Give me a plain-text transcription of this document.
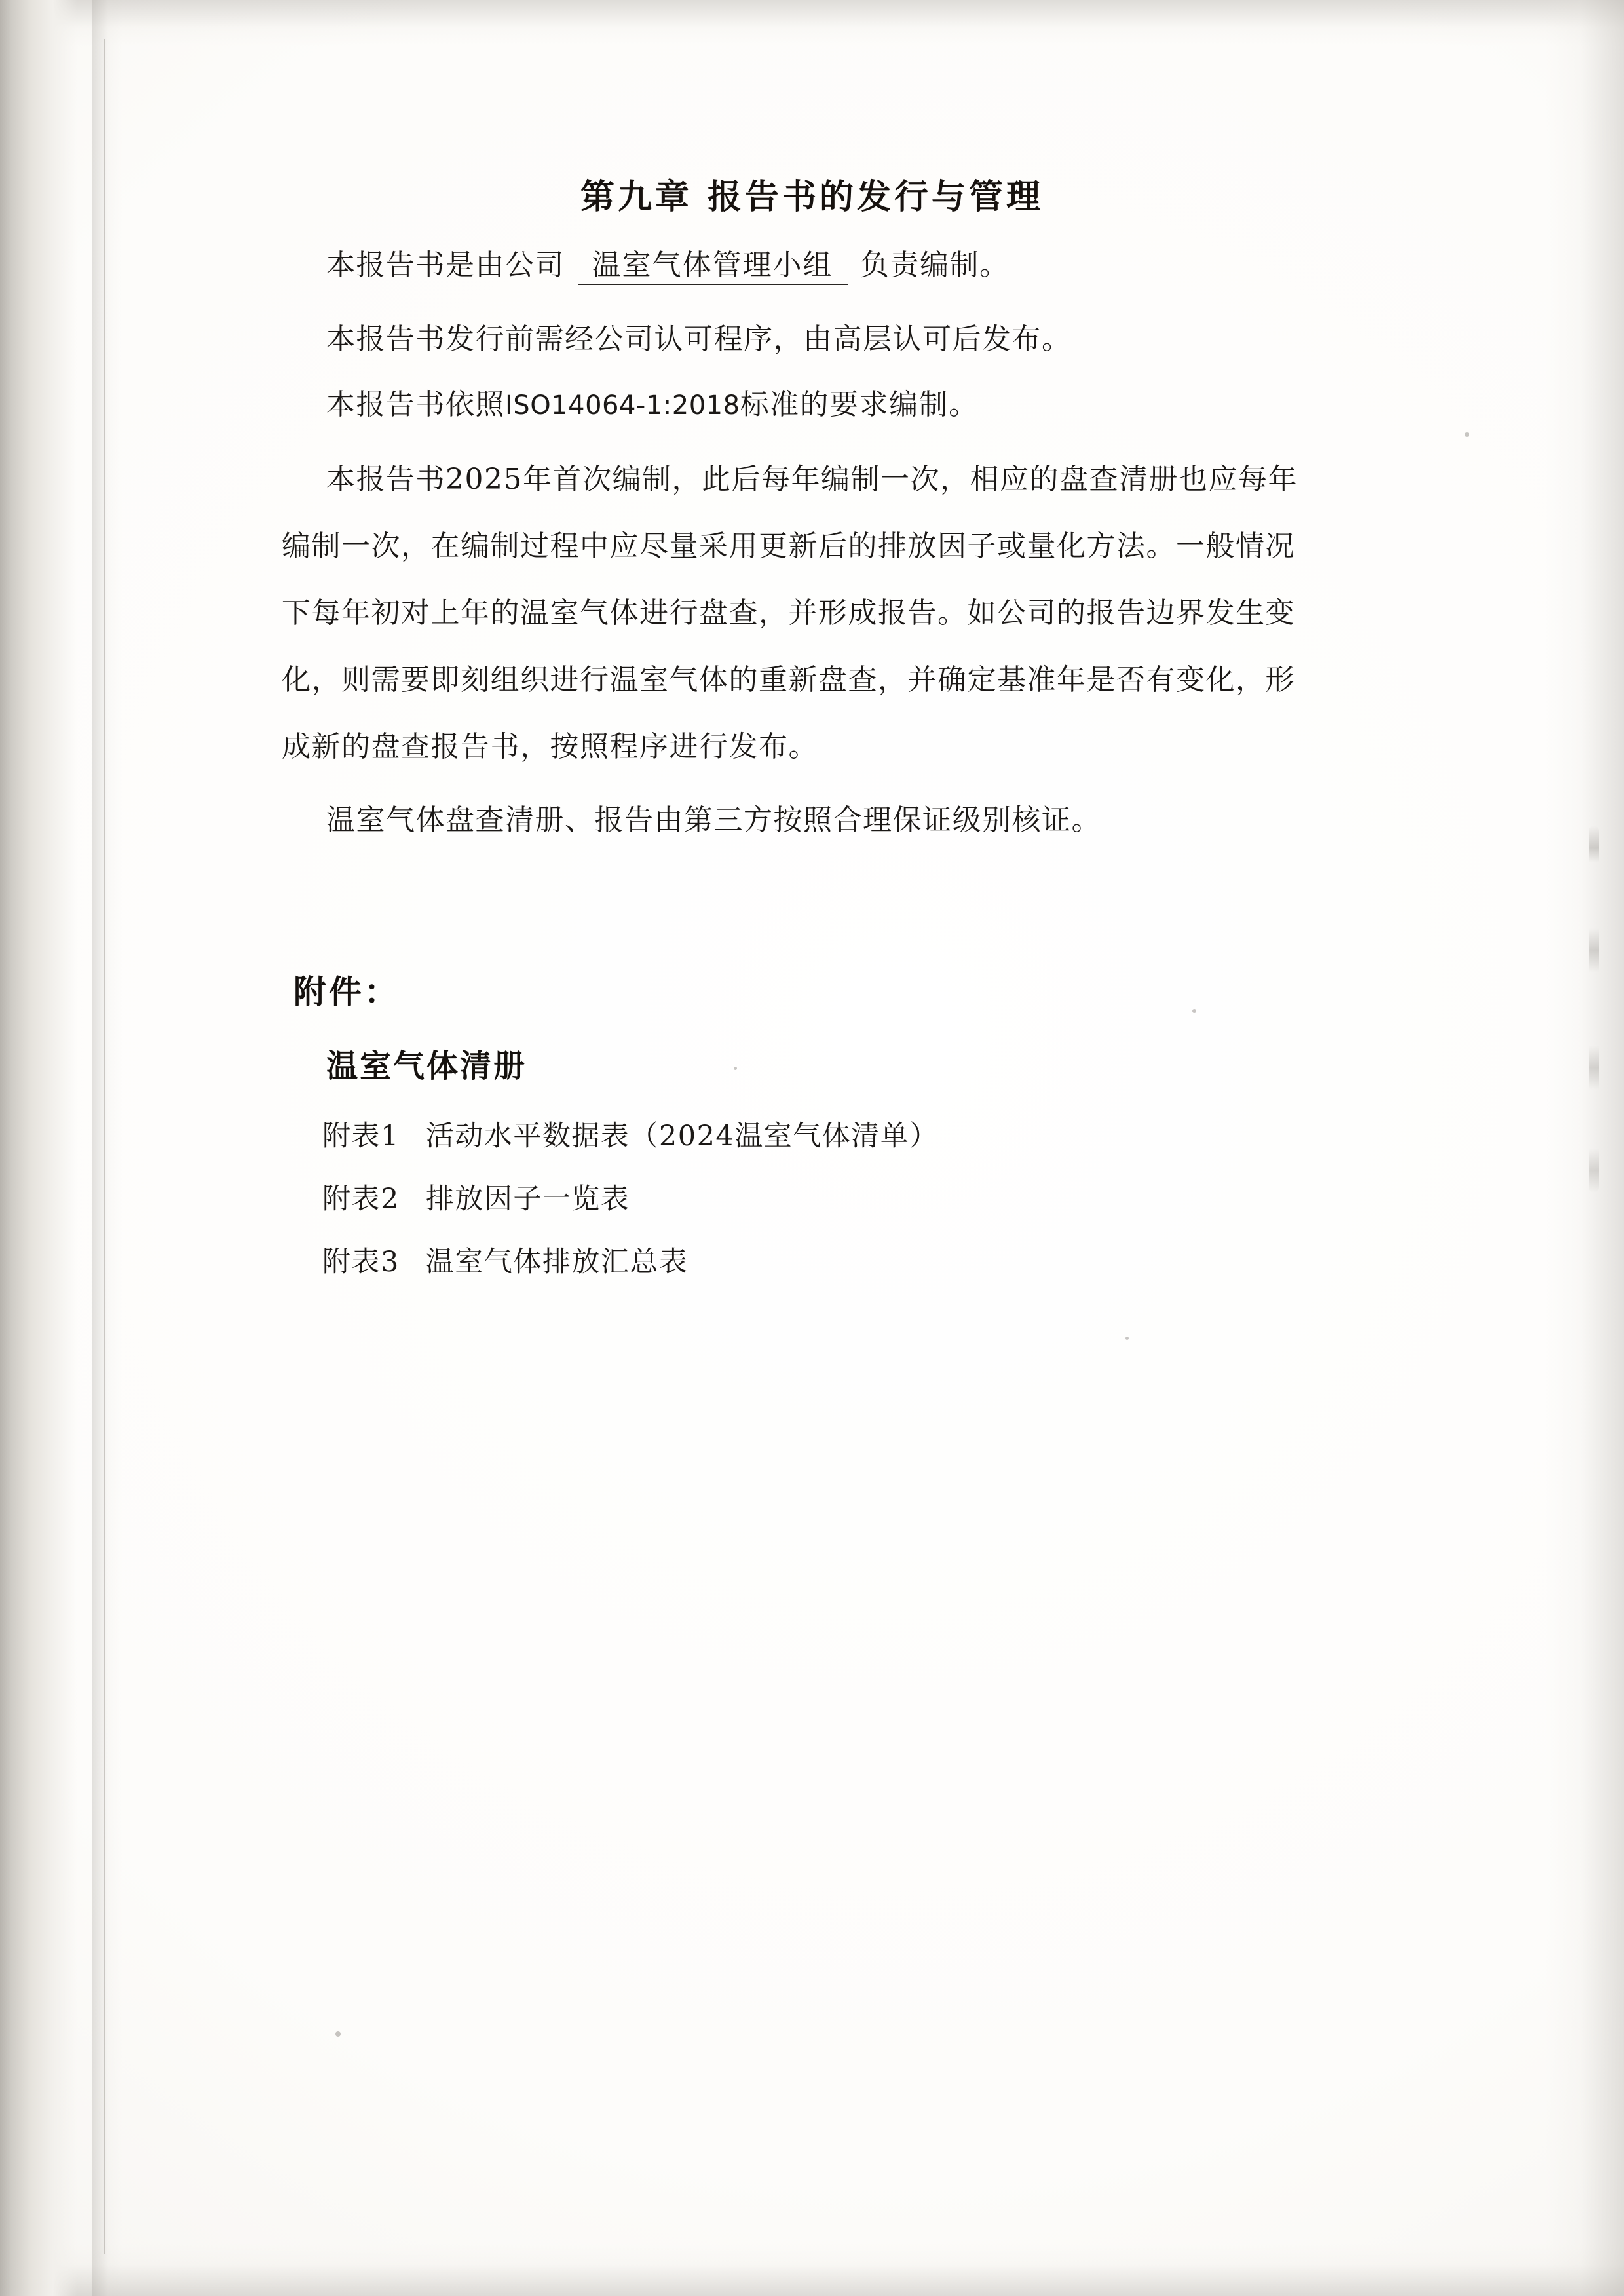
第九章 报告书的发行与管理
本报告书是由公司 温室气体管理小组 负责编制。
本报告书发行前需经公司认可程序，由高层认可后发布。
本报告书依照ISO14064-1:2018标准的要求编制。
本报告书2025年首次编制，此后每年编制一次，相应的盘查清册也应每年
编制一次，在编制过程中应尽量采用更新后的排放因子或量化方法。一般情况
下每年初对上年的温室气体进行盘查，并形成报告。如公司的报告边界发生变
化，则需要即刻组织进行温室气体的重新盘查，并确定基准年是否有变化，形
成新的盘查报告书，按照程序进行发布。
温室气体盘查清册、报告由第三方按照合理保证级别核证。
附件：
温室气体清册
附表1 活动水平数据表（2024温室气体清单）
附表2 排放因子一览表
附表3 温室气体排放汇总表
